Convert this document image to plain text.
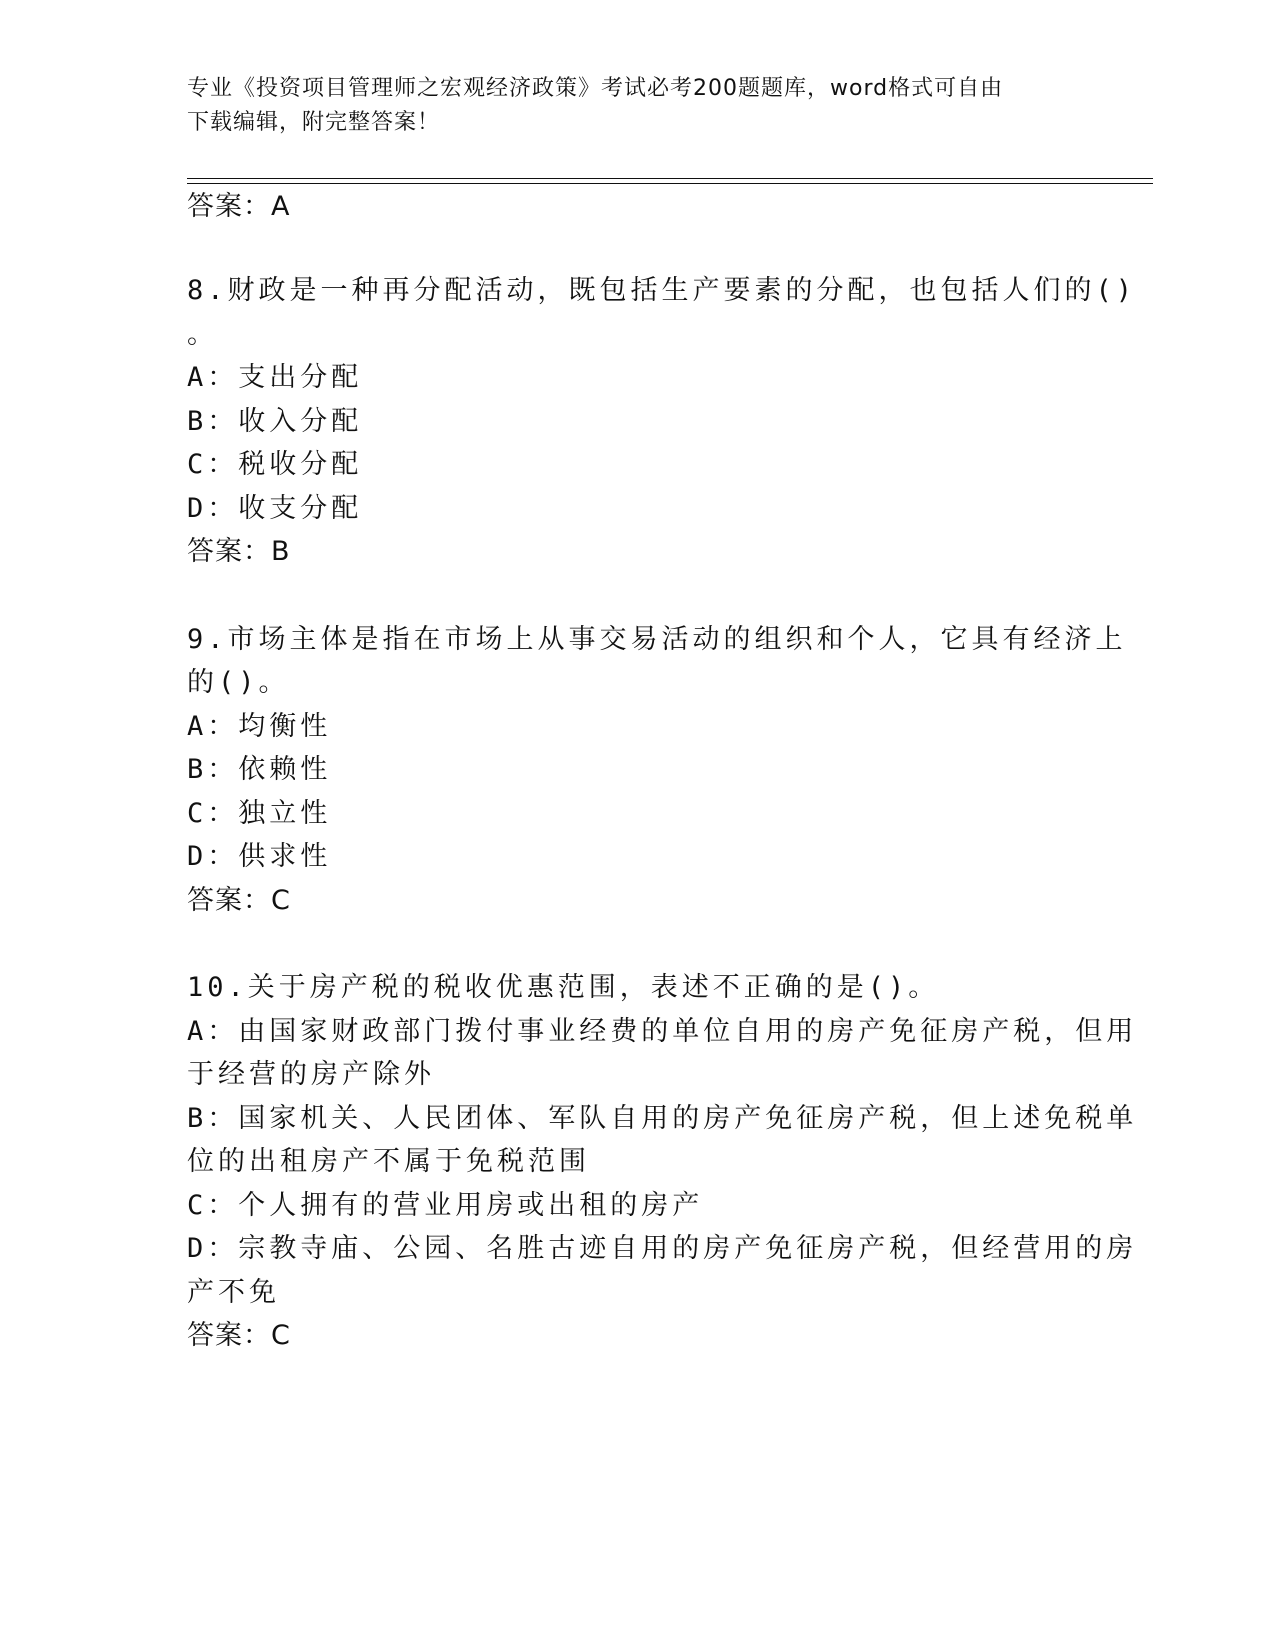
专业《投资项目管理师之宏观经济政策》考试必考200题题库，word格式可自由
下载编辑，附完整答案！
答案：A
8.财政是一种再分配活动，既包括生产要素的分配，也包括人们的()
。
A：支出分配
B：收入分配
C：税收分配
D：收支分配
答案：B
9.市场主体是指在市场上从事交易活动的组织和个人，它具有经济上
的()。
A：均衡性
B：依赖性
C：独立性
D：供求性
答案：C
10.关于房产税的税收优惠范围，表述不正确的是()。
A：由国家财政部门拨付事业经费的单位自用的房产免征房产税，但用
于经营的房产除外
B：国家机关、人民团体、军队自用的房产免征房产税，但上述免税单
位的出租房产不属于免税范围
C：个人拥有的营业用房或出租的房产
D：宗教寺庙、公园、名胜古迹自用的房产免征房产税，但经营用的房
产不免
答案：C
